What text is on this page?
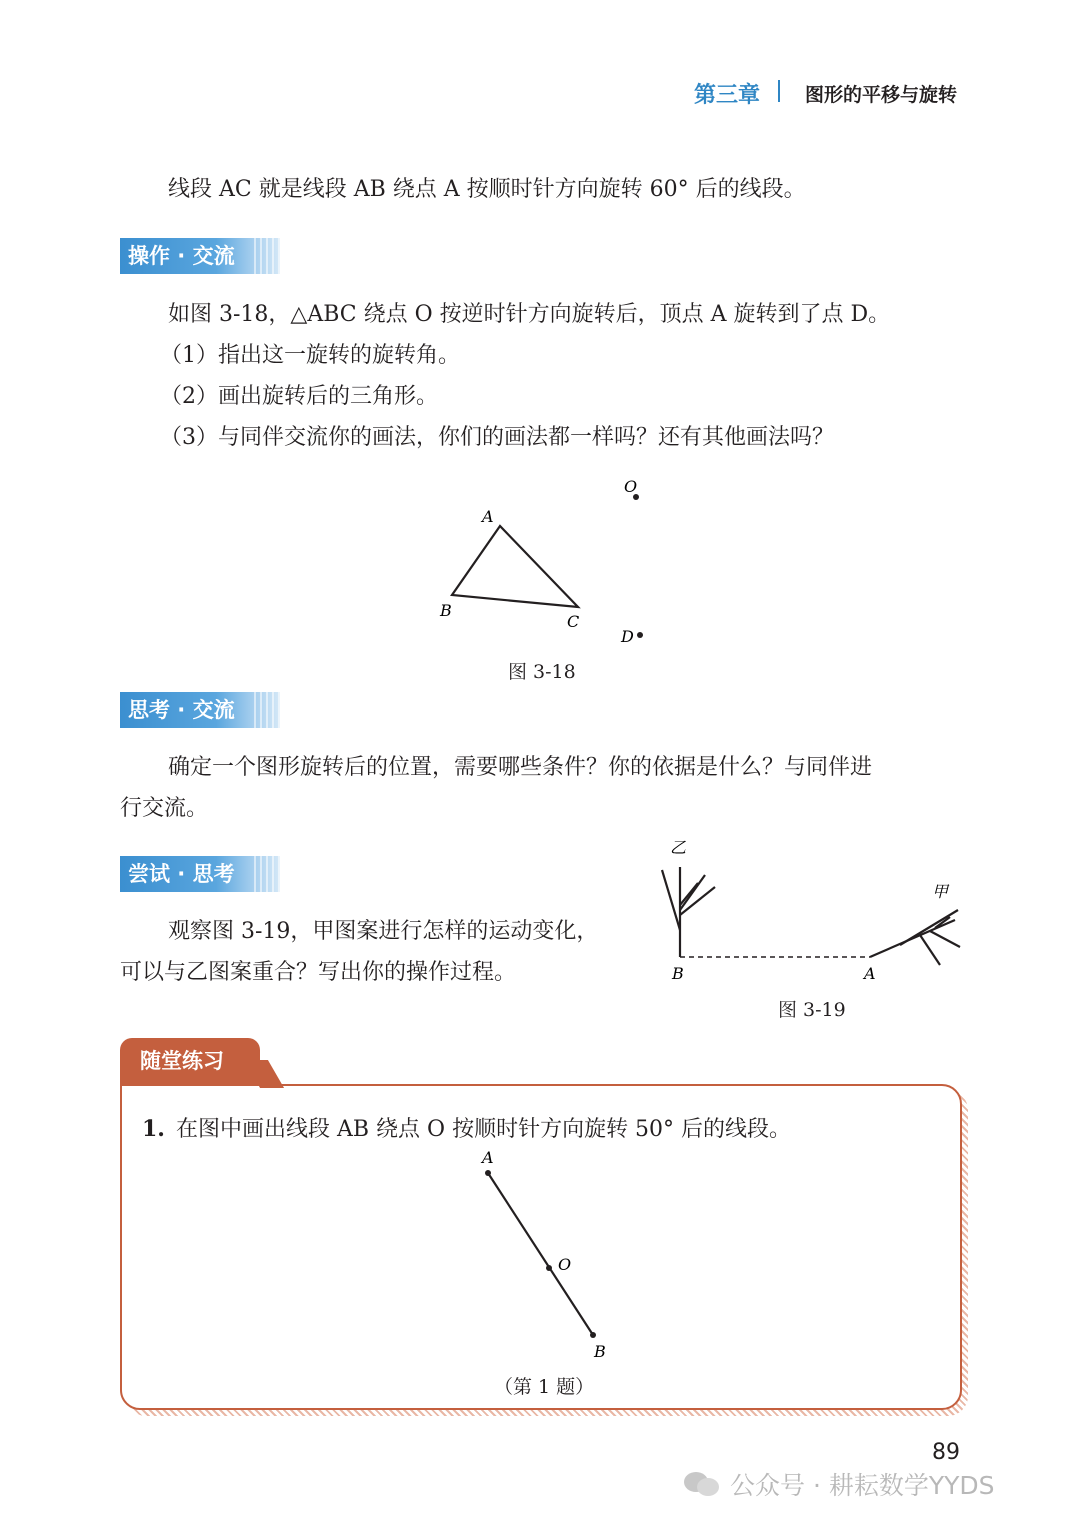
第三章 图形的平移与旋转
线段 AC 就是线段 AB 绕点 A 按顺时针方向旋转 60° 后的线段。
操作 · 交流
如图 3-18，△ABC 绕点 O 按逆时针方向旋转后，顶点 A 旋转到了点 D。
（1）指出这一旋转的旋转角。
（2）画出旋转后的三角形。
（3）与同伴交流你的画法，你们的画法都一样吗？还有其他画法吗？
A
B
C
O
D
图 3-18
思考 · 交流
确定一个图形旋转后的位置，需要哪些条件？你的依据是什么？与同伴进
行交流。
尝试 · 思考
观察图 3-19，甲图案进行怎样的运动变化，
可以与乙图案重合？写出你的操作过程。
乙
甲
B	A
图 3-19
随堂练习
1. 在图中画出线段 AB 绕点 O 按顺时针方向旋转 50° 后的线段。
A
O
B
（第 1 题）
89
公众号 · 耕耘数学YYDS
